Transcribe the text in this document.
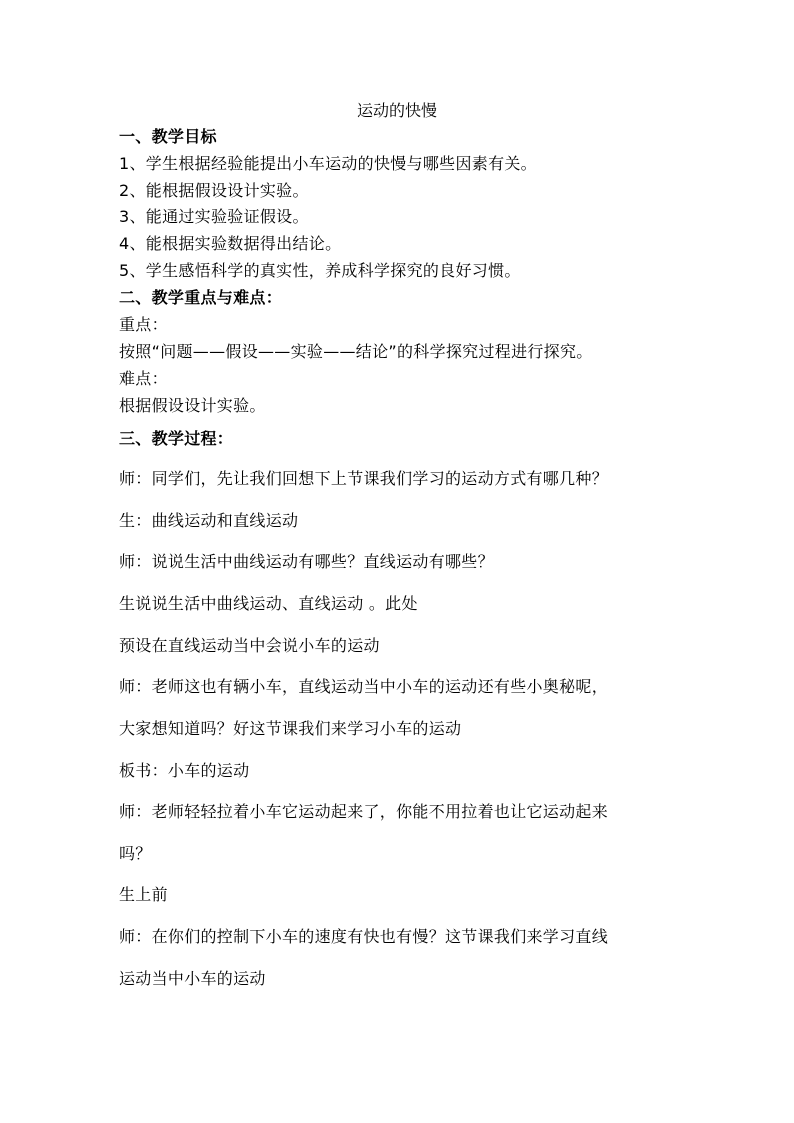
运动的快慢
一、教学目标
1、学生根据经验能提出小车运动的快慢与哪些因素有关。
2、能根据假设设计实验。
3、能通过实验验证假设。
4、能根据实验数据得出结论。
5、学生感悟科学的真实性，养成科学探究的良好习惯。
二、教学重点与难点：
重点：
按照“问题——假设——实验——结论”的科学探究过程进行探究。
难点：
根据假设设计实验。
三、教学过程：
师：同学们，先让我们回想下上节课我们学习的运动方式有哪几种？
生：曲线运动和直线运动
师：说说生活中曲线运动有哪些？直线运动有哪些？
生说说生活中曲线运动、直线运动 。此处
预设在直线运动当中会说小车的运动
师：老师这也有辆小车，直线运动当中小车的运动还有些小奥秘呢，
大家想知道吗？好这节课我们来学习小车的运动
板书：小车的运动
师：老师轻轻拉着小车它运动起来了，你能不用拉着也让它运动起来
吗？
生上前
师：在你们的控制下小车的速度有快也有慢？这节课我们来学习直线
运动当中小车的运动
